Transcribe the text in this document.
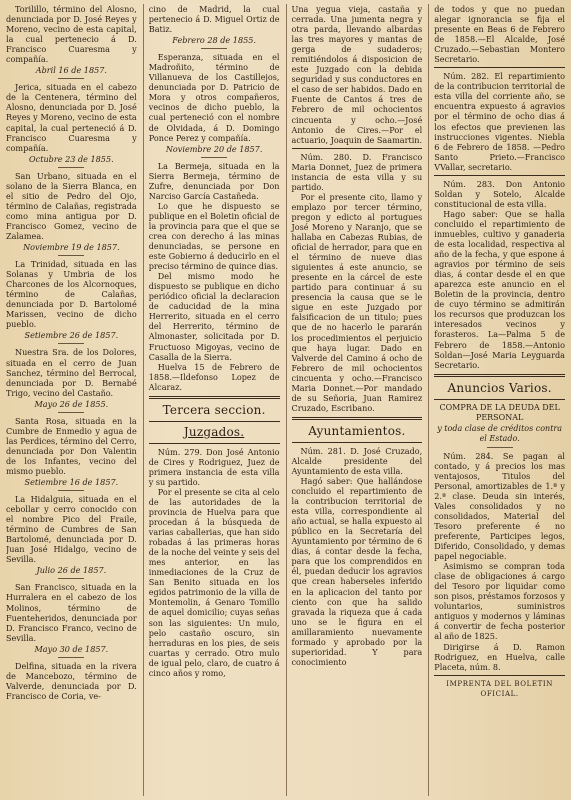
Torilillo, término del Alosno, denunciada por D. José Reyes y Moreno, vecino de esta capital, la cual pertenecio á D. Francisco Cuaresma y compañía.

Abril 16 de 1857.

Jerica, situada en el cabezo de la Centenera, término del Alosno, denunciada por D. José Reyes y Moreno, vecino de esta capital, la cual perteneció á D. Francisco Cuaresma y compañía.

Octubre 23 de 1855.

San Urbano, situada en el solano de la Sierra Blanca, en el sitio de Pedro del Ojo, término de Calañas, registrada como mina antigua por D. Francisco Gomez, vecino de Zalamea.

Noviembre 19 de 1857.

La Trinidad, situada en las Solanas y Umbria de los Charcones de los Alcornoques, término de Calañas, denunciada por D. Bartolomé Marissen, vecino de dicho pueblo.

Setiembre 26 de 1857.

Nuestra Sra. de los Dolores, situada en el cerro de Juan Sanchez, término del Berrocal, denunciada por D. Bernabé Trigo, vecino del Castaño.

Mayo 26 de 1855.

Santa Rosa, situada en la Cumbre de Enmedio y agua de las Perdices, término del Cerro, denunciada por Don Valentin de los Infantes, vecino del mismo pueblo.

Setiembre 16 de 1857.

La Hidalguia, situada en el cebollar y cerro conocido con el nombre Pico del Fraile, término de Cumbres de San Bartolomé, denunciada por D. Juan José Hidalgo, vecino de Sevilla.

Julio 26 de 1857.

San Francisco, situada en la Hurralera en el cabezo de los Molinos, término de Fuenteheridos, denunciada por D. Francisco Franco, vecino de Sevilla.

Mayo 30 de 1857.

Delfina, situada en la rivera de Mancebozo, término de Valverde, denunciada por D. Francisco de Coria, ve-

cino de Madrid, la cual pertenecio á D. Miguel Ortiz de Batiz.

Febrero 28 de 1855.

Esperanza, situada en el Madroñito, término de Villanueva de los Castillejos, denunciada por D. Patricio de Mora y otros compañeros, vecinos de dicho pueblo, la cual perteneció con el nombre de Olvidada, á D. Domingo Ponce Perez y compañía.

Noviembre 20 de 1857.

La Bermeja, situada en la Sierra Bermeja, término de Zufre, denunciada por Don Narciso García Castañeda.

Lo que he dispuesto se publique en el Boletin oficial de la provincia para que el que se crea con derecho á las minas denunciadas, se persone en este Gobierno á deducirlo en el preciso término de quince dias.

Del mismo modo he dispuesto se publique en dicho periódico oficial la declaracion de caducidad de la mina Herrerito, situada en el cerro del Herrerito, término de Almonaster, solicitada por D. Fructuoso Migoyas, vecino de Casalla de la Sierra.

Huelva 15 de Febrero de 1858.—Ildefonso Lopez de Alcaraz.

Tercera seccion.
Juzgados.

Núm. 279. Don José Antonio de Cires y Rodriguez, Juez de primera instancia de esta villa y su partido.

Por el presente se cita al celo de las autoridades de la provincia de Huelva para que procedan á la búsqueda de varias caballerias, que han sido robadas á las primeras horas de la noche del veinte y seis del mes anterior, en las inmediaciones de la Cruz de San Benito situada en los egidos patrimonio de la villa de Montemolin, á Genaro Tomillo de aquel domicilio; cuyas señas son las siguientes: Un mulo, pelo castaño oscuro, sin herraduras en los pies, de seis cuartas y cerrado. Otro mulo de igual pelo, claro, de cuatro á cinco años y romo,

Una yegua vieja, castaña y cerrada. Una jumenta negra y otra parda, llevando albardas las tres mayores y mantas de gerga de sudaderos; remitiéndolos á disposicion de este Juzgado con la debida seguridad y sus conductores en el caso de ser habidos. Dado en Fuente de Cantos á tres de Febrero de mil ochocientos cincuenta y ocho.—José Antonio de Cires.—Por el actuario, Joaquin de Saamartin.

Núm. 280. D. Francisco Maria Donnet, Juez de primera instancia de esta villa y su partido.

Por el presente cito, llamo y emplazo por tercer término, pregon y edicto al portugues José Moreno y Naranjo, que se hallaba en Cabezas Rubias, de oficial de herrador, para que en el término de nueve dias siguientes á este anuncio, se presente en la cárcel de este partido para continuar á su presencia la causa que se le sigue en este Juzgado por falsificacion de un titulo; pues que de no hacerlo le pararán los procedimientos el perjuicio que haya lugar. Dado en Valverde del Camino á ocho de Febrero de mil ochocientos cincuenta y ocho.—Francisco Maria Donnet.—Por mandado de su Señoria, Juan Ramirez Cruzado, Escribano.

Ayuntamientos.

Núm. 281. D. José Cruzado, Alcalde presidente del Ayuntamiento de esta villa.

Hagó saber: Que hallándose concluido el repartimiento de la contribucion territorial de esta villa, correspondiente al año actual, se halla expuesto al público en la Secretaría del Ayuntamiento por término de 6 dias, á contar desde la fecha, para que los comprendidos en él, puedan deducir los agravios que crean haberseles inferido en la aplicacion del tanto por ciento con que ha salido gravada la riqueza que á cada uno se le figura en el amillaramiento nuevamente formado y aprobado por la superioridad. Y para conocimiento

de todos y que no puedan alegar ignorancia se fija el presente en Beas 6 de Febrero de 1858.—El Alcalde, José Cruzado.—Sebastian Montero Secretario.

Núm. 282. El repartimiento de la contribucion territorial de esta villa del corriente año, se encuentra expuesto á agravios por el término de ocho dias á los efectos que previenen las instrucciones vigentes. Niebla 6 de Febrero de 1858. —Pedro Santo Prieto.—Francisco VVallar, secretario.

Núm. 283. Don Antonio Soldan y Sotelo, Alcalde constitucional de esta villa.

Hago saber: Que se halla concluido el repartimiento de inmuebles, cultivo y ganaderia de esta localidad, respectiva al año de la fecha, y que espone á agravios por término de seis dias, á contar desde el en que aparezca este anuncio en el Boletin de la provincia, dentro de cuyo término se admitirán los recursos que produzcan los interesados vecinos y forasteros. La—Palma 5 de Febrero de 1858.—Antonio Soldan—José Maria Leyguarda Secretario.

Anuncios Varios.
COMPRA DE LA DEUDA DEL PERSONAL
y toda clase de créditos contra el Estado.

Núm. 284. Se pagan al contado, y á precios los mas ventajosos, Titulos del Personal, amortizables de 1.ª y 2.ª clase. Deuda sin interés, Vales consolidados y no consolidados, Material del Tesoro preferente é no preferente, Participes legos, Diferido, Consolidado, y demas papel negociable.

Asimismo se compran toda clase de obligaciones á cargo del Tesoro por liquidar como son pisos, préstamos forzosos y voluntarios, suministros antiguos y modernos y láminas á convertir de fecha posterior al año de 1825.

Dirigirse á D. Ramon Rodriguez, en Huelva, calle Placeta, núm. 8.

IMPRENTA DEL BOLETIN OFICIAL.
